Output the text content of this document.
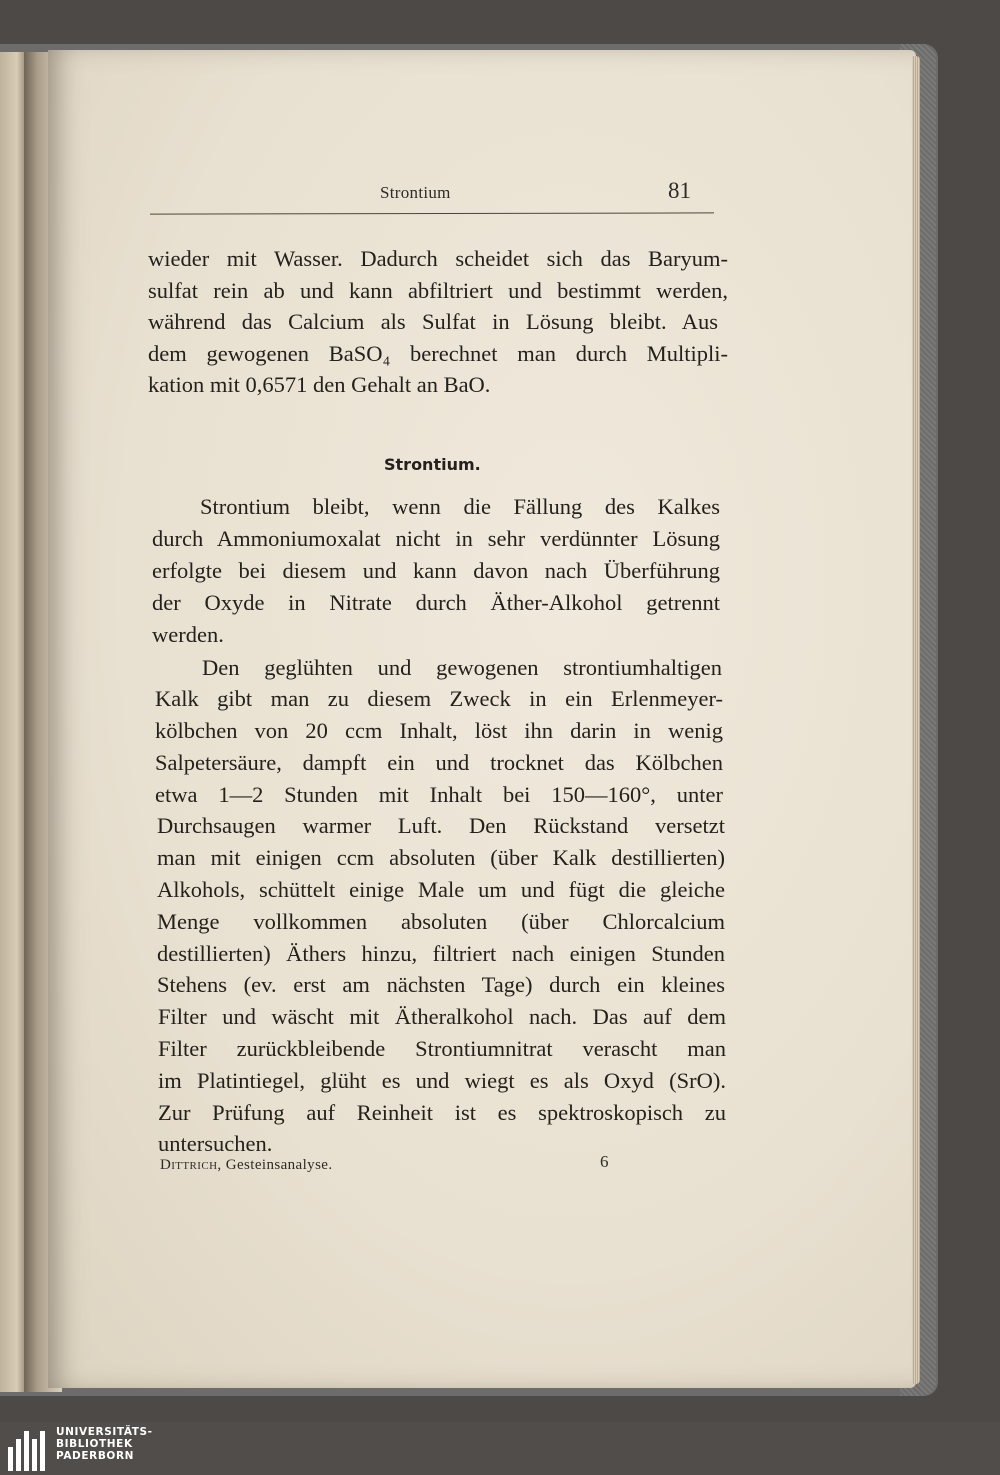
Strontium	81
wieder mit Wasser. Dadurch scheidet sich das Baryum-
sulfat rein ab und kann abfiltriert und bestimmt werden,
während das Calcium als Sulfat in Lösung bleibt. Aus
dem gewogenen BaSO₄ berechnet man durch Multipli-
kation mit 0,6571 den Gehalt an BaO.
Strontium.
Strontium bleibt, wenn die Fällung des Kalkes
durch Ammoniumoxalat nicht in sehr verdünnter Lösung
erfolgte bei diesem und kann davon nach Überführung
der Oxyde in Nitrate durch Äther-Alkohol getrennt
werden.
Den geglühten und gewogenen strontiumhaltigen
Kalk gibt man zu diesem Zweck in ein Erlenmeyer-
kölbchen von 20 ccm Inhalt, löst ihn darin in wenig
Salpetersäure, dampft ein und trocknet das Kölbchen
etwa 1—2 Stunden mit Inhalt bei 150—160°, unter
Durchsaugen warmer Luft. Den Rückstand versetzt
man mit einigen ccm absoluten (über Kalk destillierten)
Alkohols, schüttelt einige Male um und fügt die gleiche
Menge vollkommen absoluten (über Chlorcalcium
destillierten) Äthers hinzu, filtriert nach einigen Stunden
Stehens (ev. erst am nächsten Tage) durch ein kleines
Filter und wäscht mit Ätheralkohol nach. Das auf dem
Filter zurückbleibende Strontiumnitrat verascht man
im Platintiegel, glüht es und wiegt es als Oxyd (SrO).
Zur Prüfung auf Reinheit ist es spektroskopisch zu
untersuchen.
Dittrich, Gesteinsanalyse.	6
UNIVERSITÄTS-
BIBLIOTHEK
PADERBORN
